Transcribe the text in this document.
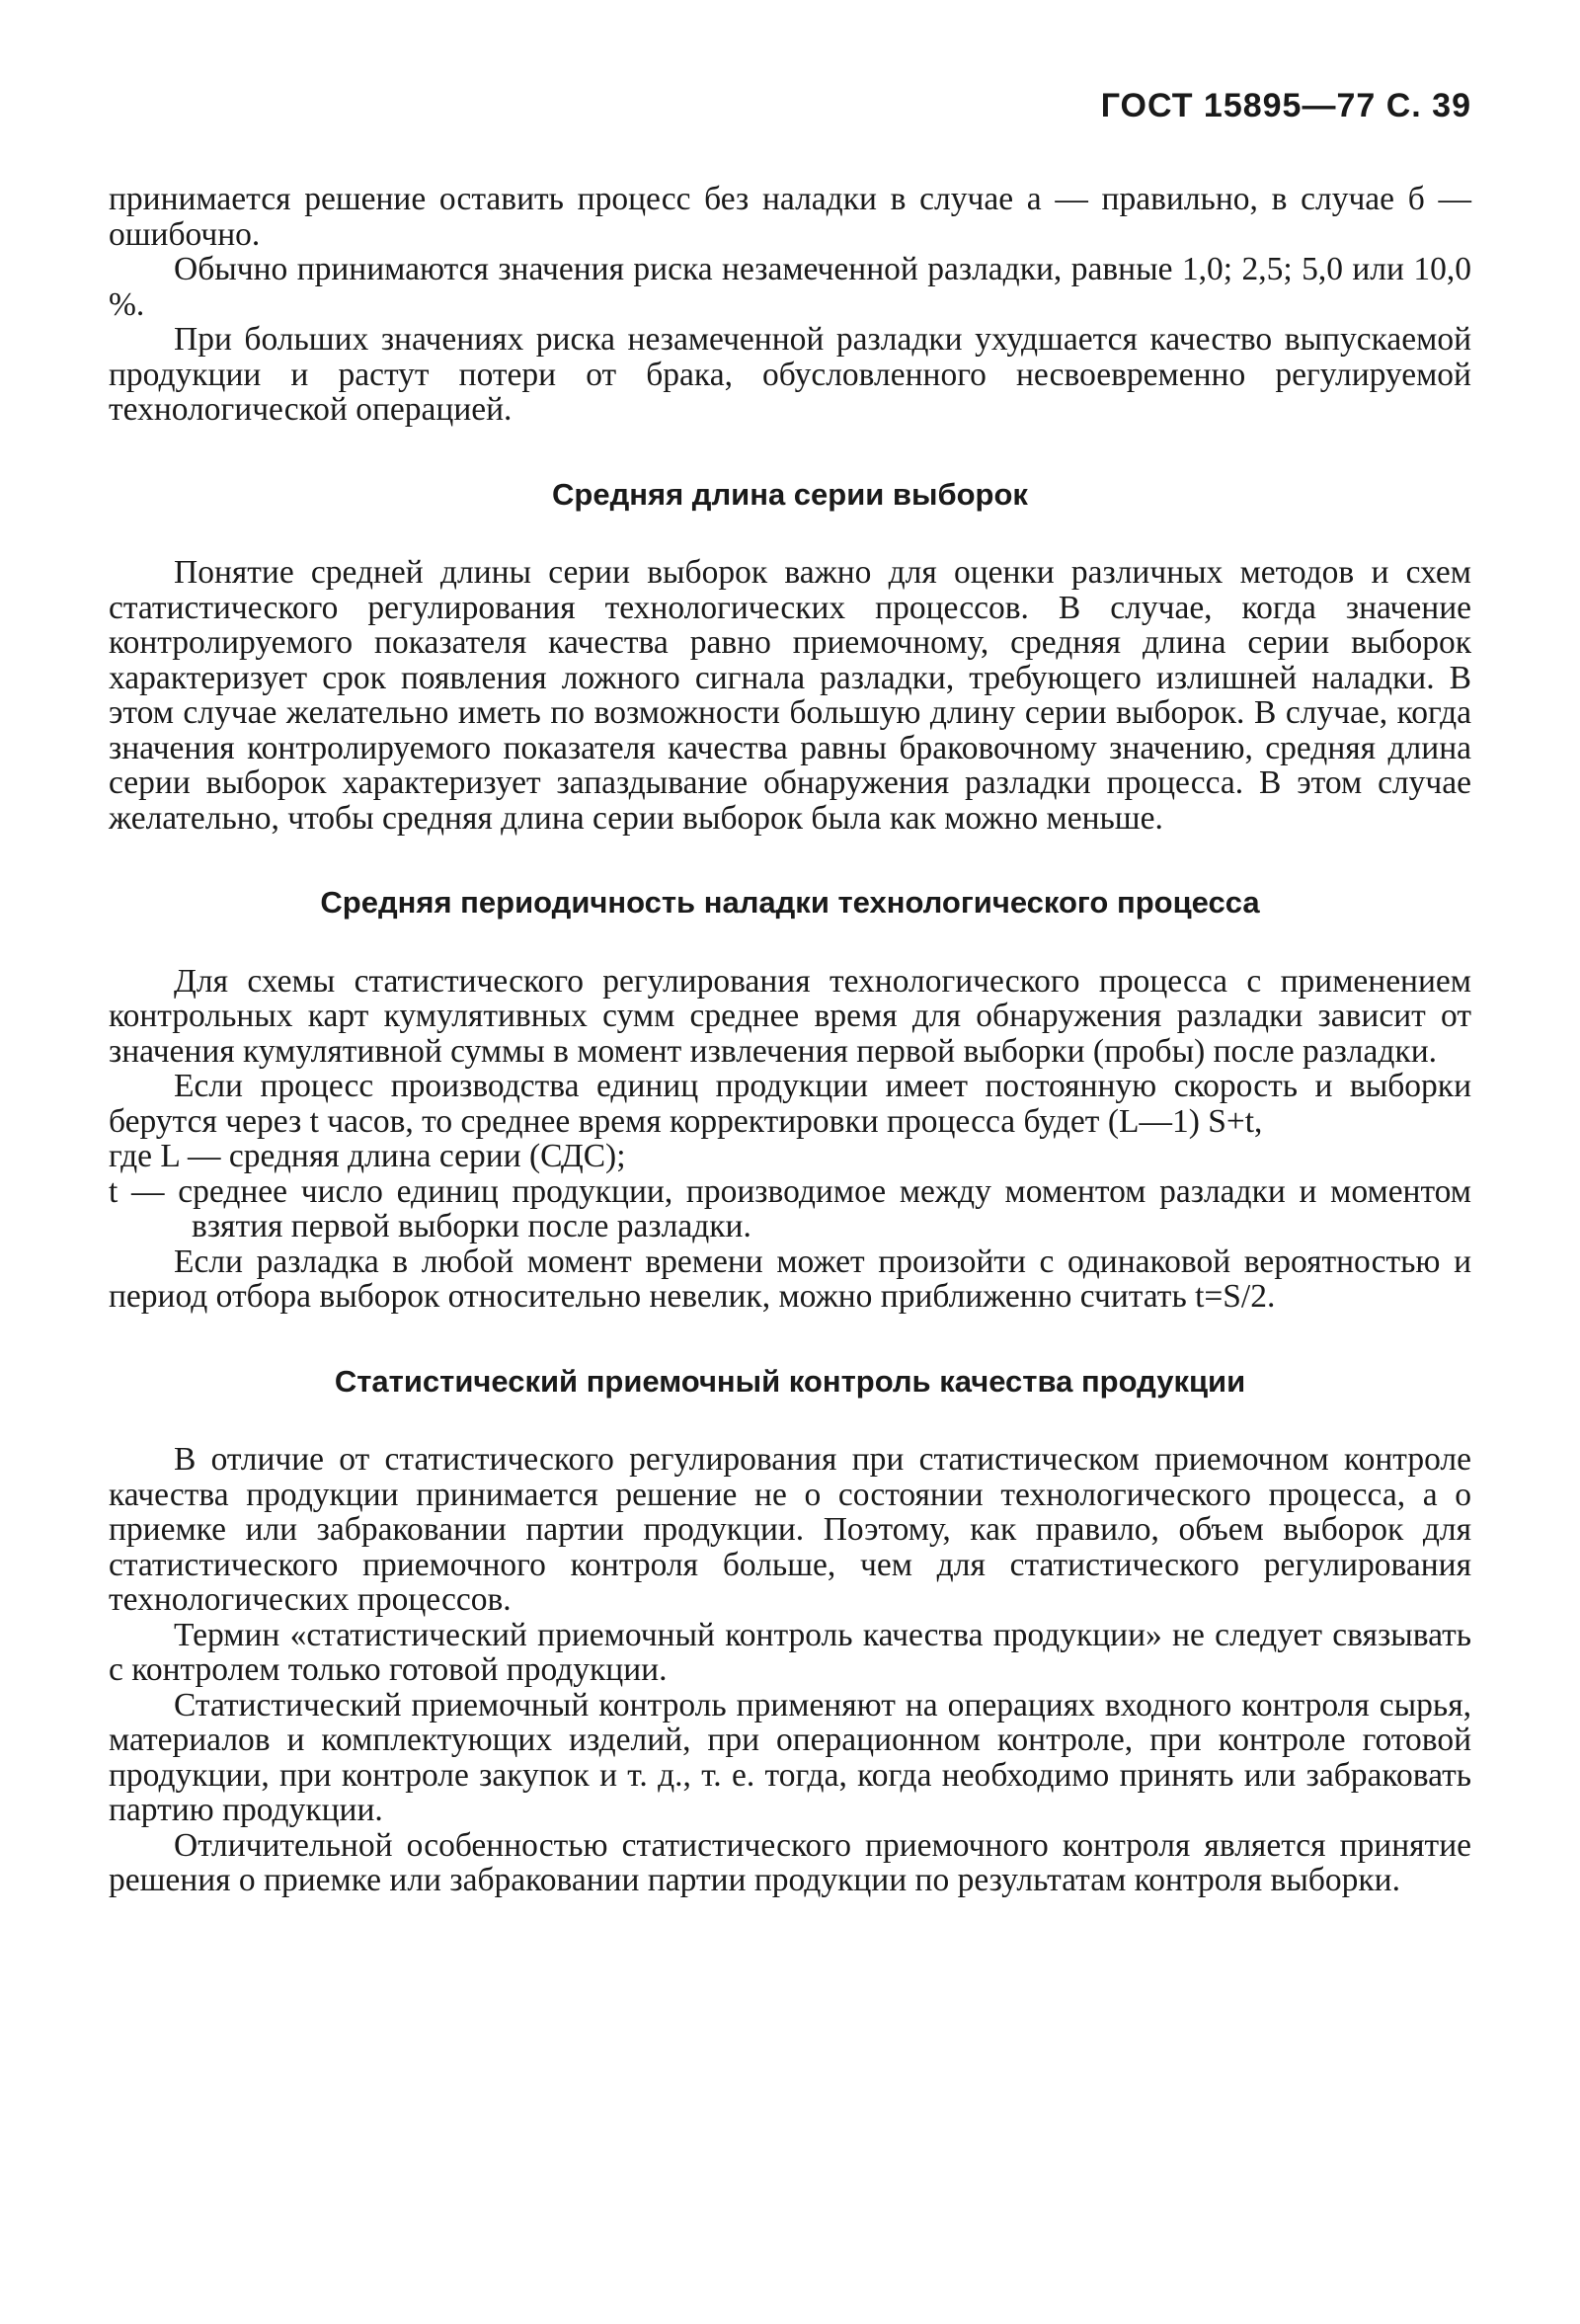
ГОСТ 15895—77 С. 39

принимается решение оставить процесс без наладки в случае а — правильно, в случае б — ошибочно.

Обычно принимаются значения риска незамеченной разладки, равные 1,0; 2,5; 5,0 или 10,0 %.

При больших значениях риска незамеченной разладки ухудшается качество выпускаемой продукции и растут потери от брака, обусловленного несвоевременно регулируемой технологической операцией.

Средняя длина серии выборок

Понятие средней длины серии выборок важно для оценки различных методов и схем статистического регулирования технологических процессов. В случае, когда значение контролируемого показателя качества равно приемочному, средняя длина серии выборок характеризует срок появления ложного сигнала разладки, требующего излишней наладки. В этом случае желательно иметь по возможности большую длину серии выборок. В случае, когда значения контролируемого показателя качества равны браковочному значению, средняя длина серии выборок характеризует запаздывание обнаружения разладки процесса. В этом случае желательно, чтобы средняя длина серии выборок была как можно меньше.

Средняя периодичность наладки технологического процесса

Для схемы статистического регулирования технологического процесса с применением контрольных карт кумулятивных сумм среднее время для обнаружения разладки зависит от значения кумулятивной суммы в момент извлечения первой выборки (пробы) после разладки.

Если процесс производства единиц продукции имеет постоянную скорость и выборки берутся через t часов, то среднее время корректировки процесса будет (L—1) S+t,

где L — средняя длина серии (СДС);

t — среднее число единиц продукции, производимое между моментом разладки и моментом взятия первой выборки после разладки.

Если разладка в любой момент времени может произойти с одинаковой вероятностью и период отбора выборок относительно невелик, можно приближенно считать t=S/2.

Статистический приемочный контроль качества продукции

В отличие от статистического регулирования при статистическом приемочном контроле качества продукции принимается решение не о состоянии технологического процесса, а о приемке или забраковании партии продукции. Поэтому, как правило, объем выборок для статистического приемочного контроля больше, чем для статистического регулирования технологических процессов.

Термин «статистический приемочный контроль качества продукции» не следует связывать с контролем только готовой продукции.

Статистический приемочный контроль применяют на операциях входного контроля сырья, материалов и комплектующих изделий, при операционном контроле, при контроле готовой продукции, при контроле закупок и т. д., т. е. тогда, когда необходимо принять или забраковать партию продукции.

Отличительной особенностью статистического приемочного контроля является принятие решения о приемке или забраковании партии продукции по результатам контроля выборки.
